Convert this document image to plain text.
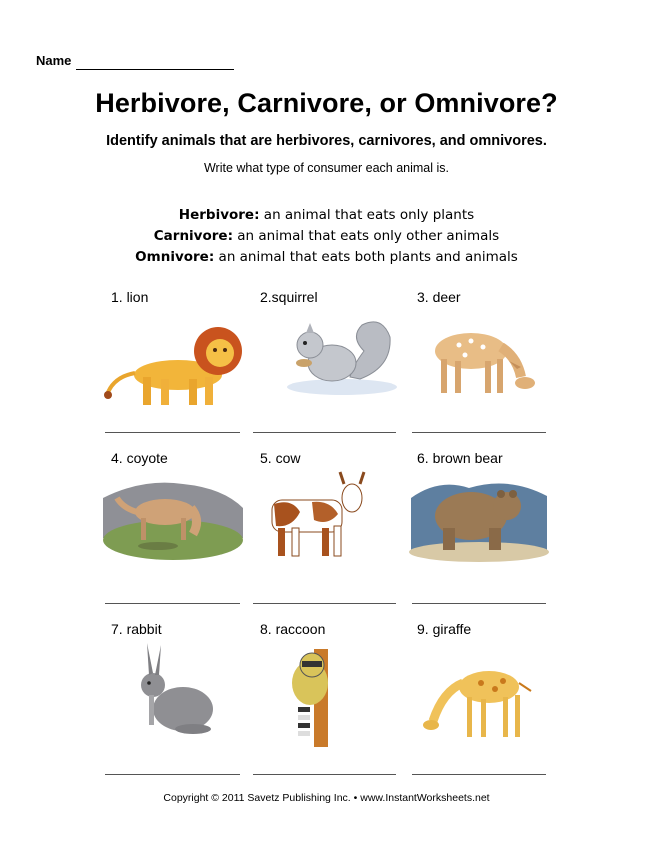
Name
Herbivore, Carnivore, or Omnivore?
Identify animals that are herbivores, carnivores, and omnivores.
Write what type of consumer each animal is.
Herbivore: an animal that eats only plants
Carnivore: an animal that eats only other animals
Omnivore: an animal that eats both plants and animals
1. lion	2.squirrel	3. deer
4. coyote	5. cow	6. brown bear
7. rabbit	8. raccoon	9. giraffe
Copyright © 2011 Savetz Publishing Inc. • www.InstantWorksheets.net
